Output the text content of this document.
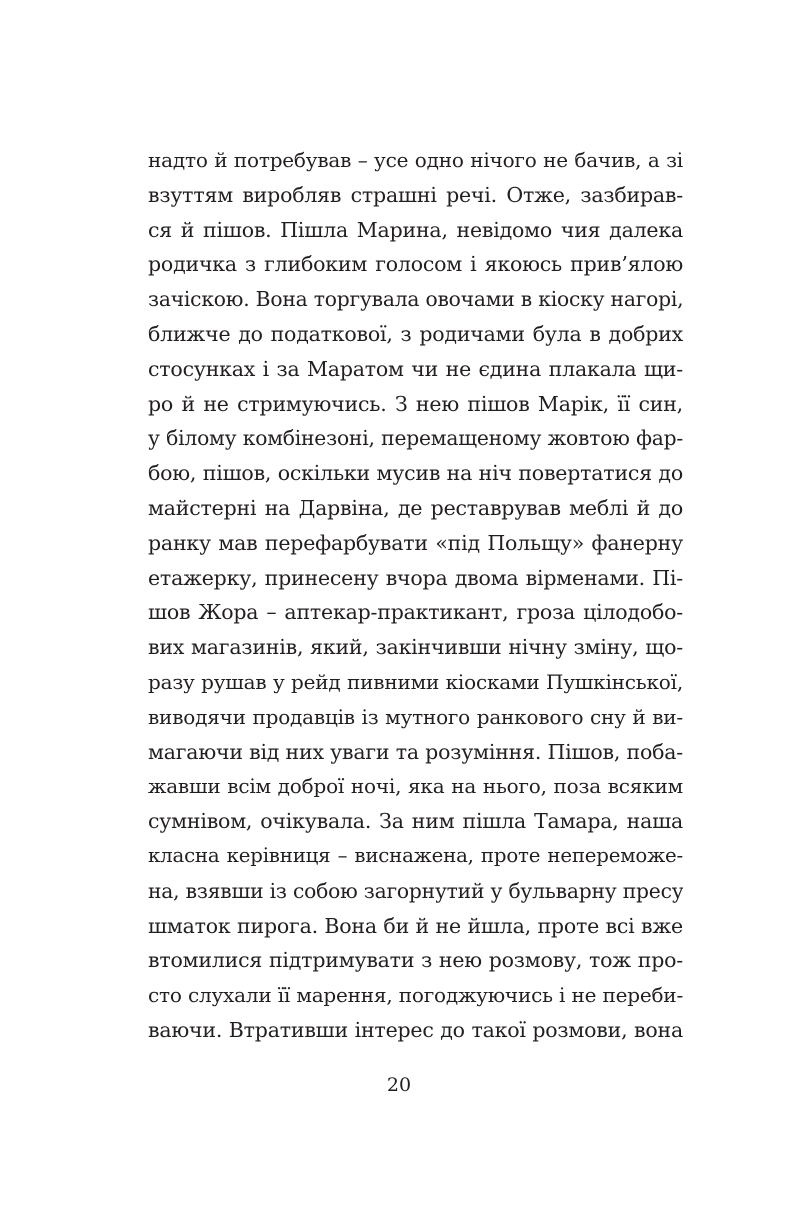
надто й потребував – усе одно нічого не бачив, а зі
взуттям виробляв страшні речі. Отже, зазбирав-
ся й пішов. Пішла Марина, невідомо чия далека
родичка з глибоким голосом і якоюсь прив’ялою
зачіскою. Вона торгувала овочами в кіоску нагорі,
ближче до податкової, з родичами була в добрих
стосунках і за Маратом чи не єдина плакала щи-
ро й не стримуючись. З нею пішов Марік, її син,
у білому комбінезоні, перемащеному жовтою фар-
бою, пішов, оскільки мусив на ніч повертатися до
майстерні на Дарвіна, де реставрував меблі й до
ранку мав перефарбувати «під Польщу» фанерну
етажерку, принесену вчора двома вірменами. Пі-
шов Жора – аптекар-практикант, гроза цілодобо-
вих магазинів, який, закінчивши нічну зміну, що-
разу рушав у рейд пивними кіосками Пушкінської,
виводячи продавців із мутного ранкового сну й ви-
магаючи від них уваги та розуміння. Пішов, поба-
жавши всім доброї ночі, яка на нього, поза всяким
сумнівом, очікувала. За ним пішла Тамара, наша
класна керівниця – виснажена, проте непереможе-
на, взявши із собою загорнутий у бульварну пресу
шматок пирога. Вона би й не йшла, проте всі вже
втомилися підтримувати з нею розмову, тож про-
сто слухали її марення, погоджуючись і не переби-
ваючи. Втративши інтерес до такої розмови, вона
20
